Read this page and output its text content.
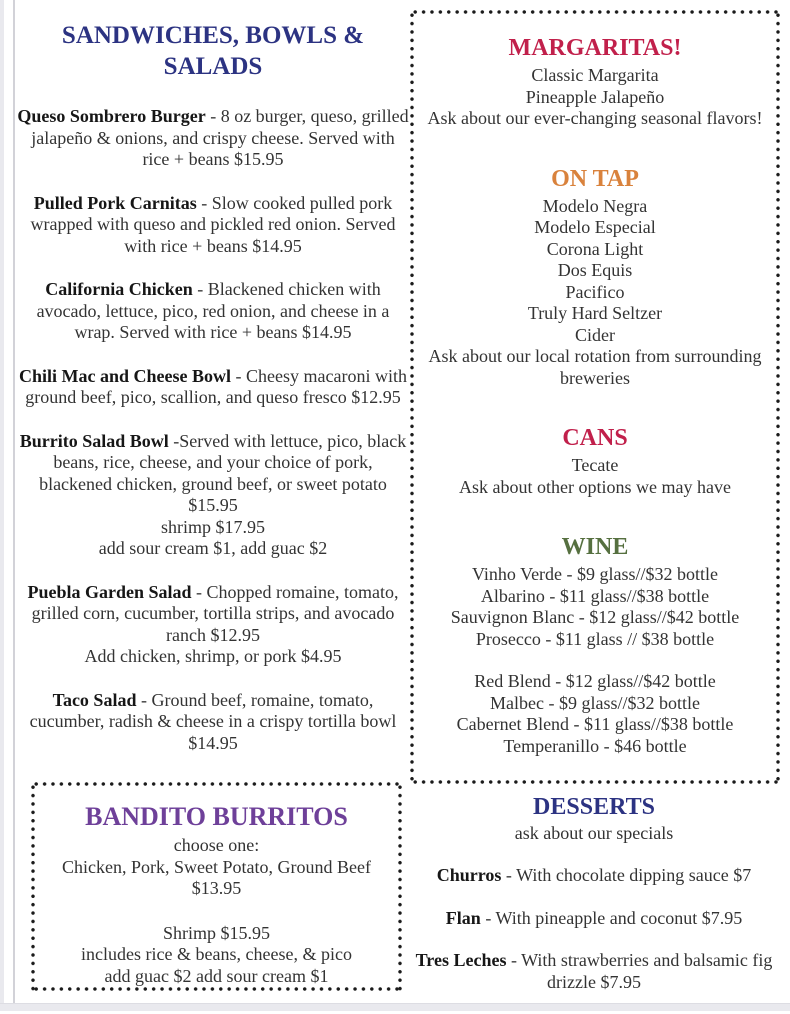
SANDWICHES, BOWLS & SALADS

Queso Sombrero Burger - 8 oz burger, queso, grilled jalapeño & onions, and crispy cheese. Served with rice + beans $15.95

Pulled Pork Carnitas - Slow cooked pulled pork wrapped with queso and pickled red onion. Served with rice + beans $14.95

California Chicken - Blackened chicken with avocado, lettuce, pico, red onion, and cheese in a wrap. Served with rice + beans $14.95

Chili Mac and Cheese Bowl - Cheesy macaroni with ground beef, pico, scallion, and queso fresco $12.95

Burrito Salad Bowl -Served with lettuce, pico, black beans, rice, cheese, and your choice of pork, blackened chicken, ground beef, or sweet potato $15.95
shrimp $17.95
add sour cream $1, add guac $2

Puebla Garden Salad - Chopped romaine, tomato, grilled corn, cucumber, tortilla strips, and avocado ranch $12.95
Add chicken, shrimp, or pork $4.95

Taco Salad - Ground beef, romaine, tomato, cucumber, radish & cheese in a crispy tortilla bowl $14.95

MARGARITAS!
Classic Margarita
Pineapple Jalapeño
Ask about our ever-changing seasonal flavors!
ON TAP
Modelo Negra
Modelo Especial
Corona Light
Dos Equis
Pacifico
Truly Hard Seltzer
Cider
Ask about our local rotation from surrounding breweries
CANS
Tecate
Ask about other options we may have
WINE
Vinho Verde - $9 glass//$32 bottle
Albarino - $11 glass//$38 bottle
Sauvignon Blanc - $12 glass//$42 bottle
Prosecco - $11 glass // $38 bottle
Red Blend - $12 glass//$42 bottle
Malbec - $9 glass//$32 bottle
Cabernet Blend - $11 glass//$38 bottle
Temperanillo - $46 bottle
BANDITO BURRITOS
choose one:
Chicken, Pork, Sweet Potato, Ground Beef
$13.95
Shrimp $15.95
includes rice & beans, cheese, & pico
add guac $2 add sour cream $1
DESSERTS
ask about our specials

Churros - With chocolate dipping sauce $7

Flan - With pineapple and coconut $7.95

Tres Leches - With strawberries and balsamic fig drizzle $7.95
